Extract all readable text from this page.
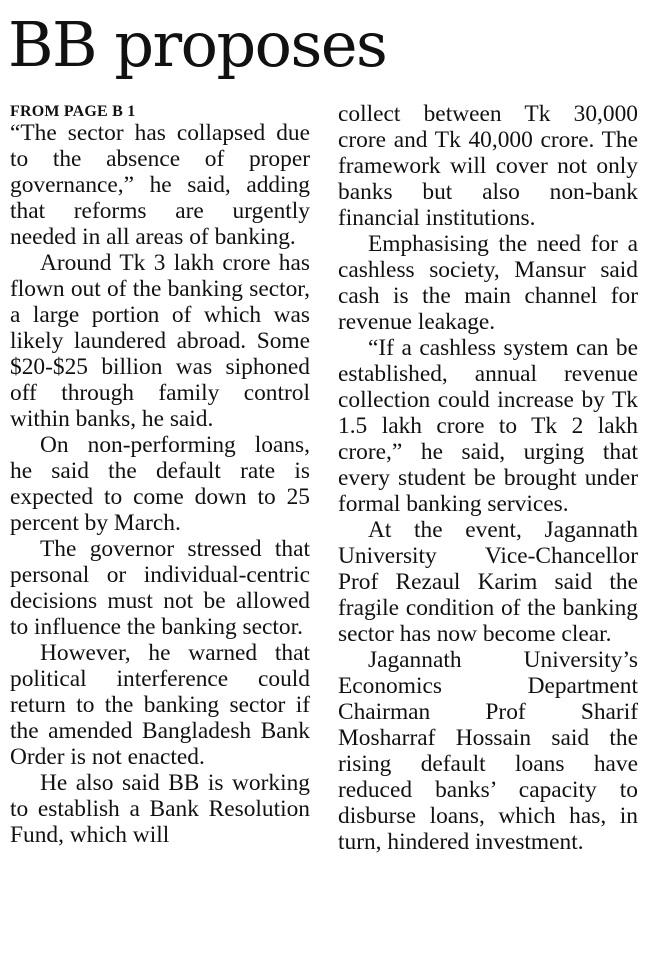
BB proposes

FROM PAGE B 1

“The sector has collapsed due to the absence of proper governance,” he said, adding that reforms are urgently needed in all areas of banking.

Around Tk 3 lakh crore has flown out of the banking sector, a large portion of which was likely laundered abroad. Some $20-$25 billion was siphoned off through family control within banks, he said.

On non-performing loans, he said the default rate is expected to come down to 25 percent by March.

The governor stressed that personal or individual-centric decisions must not be allowed to influence the banking sector.

However, he warned that political interference could return to the banking sector if the amended Bangladesh Bank Order is not enacted.

He also said BB is working to establish a Bank Resolution Fund, which will

collect between Tk 30,000 crore and Tk 40,000 crore. The framework will cover not only banks but also non-bank financial institutions.

Emphasising the need for a cashless society, Mansur said cash is the main channel for revenue leakage.

“If a cashless system can be established, annual revenue collection could increase by Tk 1.5 lakh crore to Tk 2 lakh crore,” he said, urging that every student be brought under formal banking services.

At the event, Jagannath University Vice-Chancellor Prof Rezaul Karim said the fragile condition of the banking sector has now become clear.

Jagannath University’s Economics Department Chairman Prof Sharif Mosharraf Hossain said the rising default loans have reduced banks’ capacity to disburse loans, which has, in turn, hindered investment.
